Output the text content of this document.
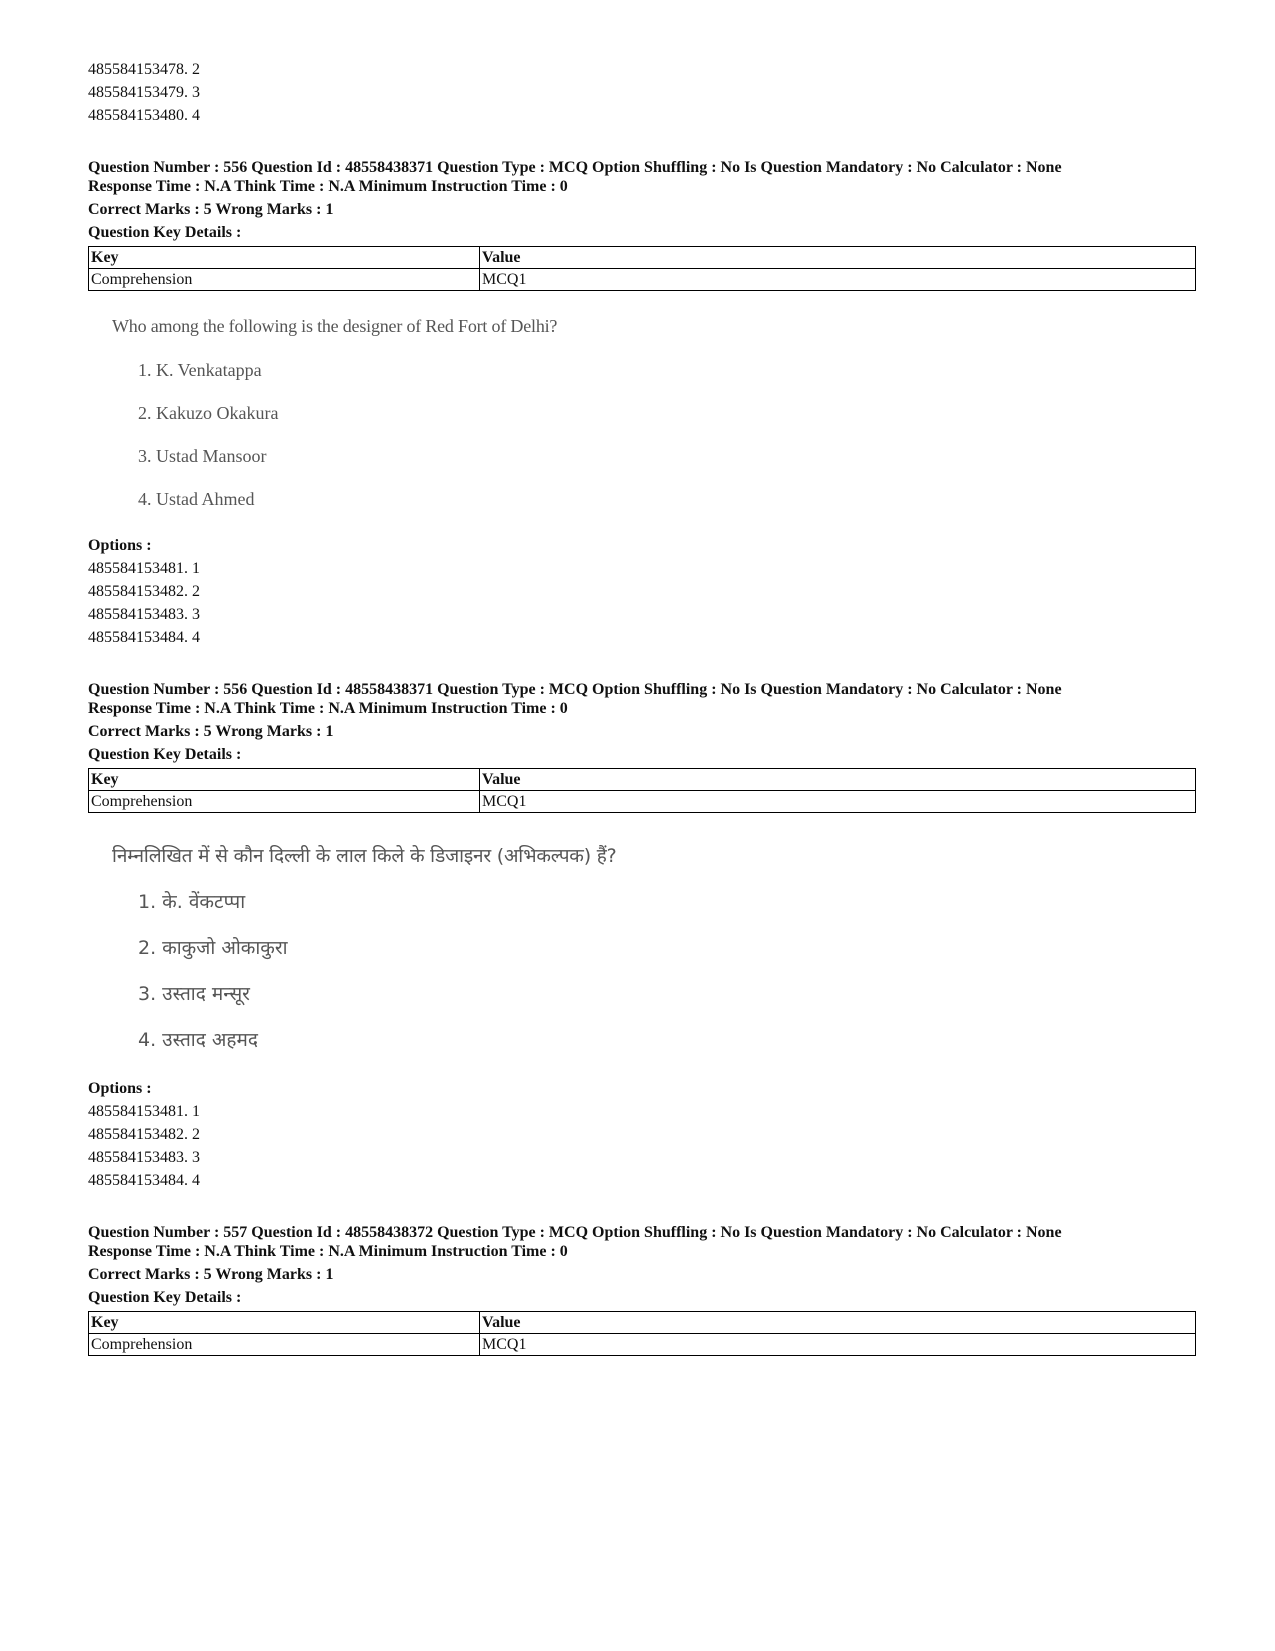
485584153478. 2
485584153479. 3
485584153480. 4
Question Number : 556 Question Id : 48558438371 Question Type : MCQ Option Shuffling : No Is Question Mandatory : No Calculator : None
Response Time : N.A Think Time : N.A Minimum Instruction Time : 0
Correct Marks : 5 Wrong Marks : 1
Question Key Details :
Key	Value
Comprehension	MCQ1
Who among the following is the designer of Red Fort of Delhi?
1. K. Venkatappa
2. Kakuzo Okakura
3. Ustad Mansoor
4. Ustad Ahmed
Options :
485584153481. 1
485584153482. 2
485584153483. 3
485584153484. 4
Question Number : 556 Question Id : 48558438371 Question Type : MCQ Option Shuffling : No Is Question Mandatory : No Calculator : None
Response Time : N.A Think Time : N.A Minimum Instruction Time : 0
Correct Marks : 5 Wrong Marks : 1
Question Key Details :
Key	Value
Comprehension	MCQ1
निम्नलिखित में से कौन दिल्ली के लाल किले के डिजाइनर (अभिकल्पक) हैं?
1. के. वेंकटप्पा
2. काकुजो ओकाकुरा
3. उस्ताद मन्सूर
4. उस्ताद अहमद
Options :
485584153481. 1
485584153482. 2
485584153483. 3
485584153484. 4
Question Number : 557 Question Id : 48558438372 Question Type : MCQ Option Shuffling : No Is Question Mandatory : No Calculator : None
Response Time : N.A Think Time : N.A Minimum Instruction Time : 0
Correct Marks : 5 Wrong Marks : 1
Question Key Details :
Key	Value
Comprehension	MCQ1
